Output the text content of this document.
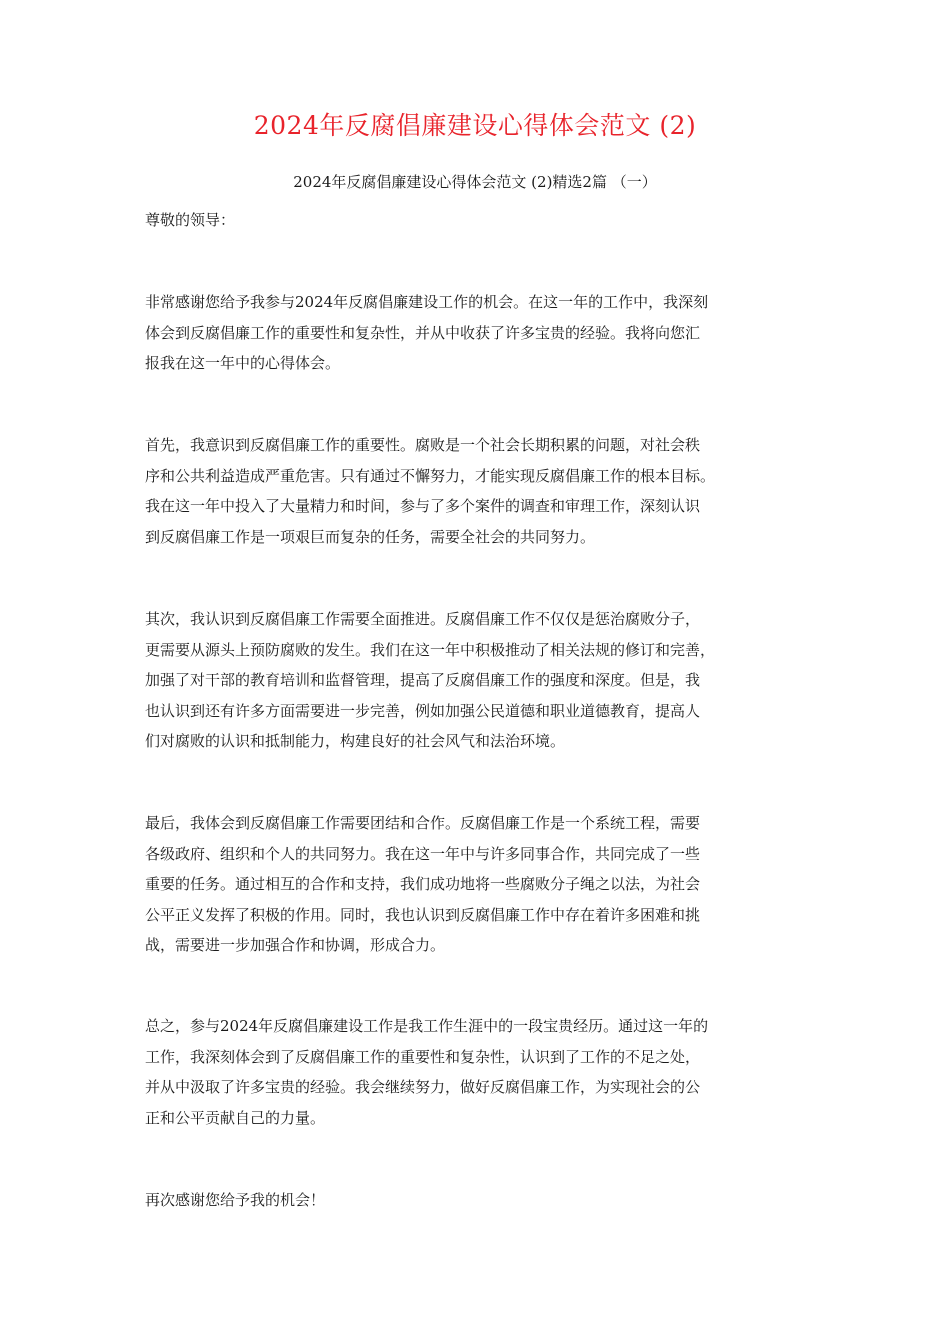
2024年反腐倡廉建设心得体会范文 (2)
2024年反腐倡廉建设心得体会范文 (2)精选2篇 （一）
尊敬的领导：
非常感谢您给予我参与2024年反腐倡廉建设工作的机会。在这一年的工作中，我深刻
体会到反腐倡廉工作的重要性和复杂性，并从中收获了许多宝贵的经验。我将向您汇
报我在这一年中的心得体会。
首先，我意识到反腐倡廉工作的重要性。腐败是一个社会长期积累的问题，对社会秩
序和公共利益造成严重危害。只有通过不懈努力，才能实现反腐倡廉工作的根本目标。
我在这一年中投入了大量精力和时间，参与了多个案件的调查和审理工作，深刻认识
到反腐倡廉工作是一项艰巨而复杂的任务，需要全社会的共同努力。
其次，我认识到反腐倡廉工作需要全面推进。反腐倡廉工作不仅仅是惩治腐败分子，
更需要从源头上预防腐败的发生。我们在这一年中积极推动了相关法规的修订和完善，
加强了对干部的教育培训和监督管理，提高了反腐倡廉工作的强度和深度。但是，我
也认识到还有许多方面需要进一步完善，例如加强公民道德和职业道德教育，提高人
们对腐败的认识和抵制能力，构建良好的社会风气和法治环境。
最后，我体会到反腐倡廉工作需要团结和合作。反腐倡廉工作是一个系统工程，需要
各级政府、组织和个人的共同努力。我在这一年中与许多同事合作，共同完成了一些
重要的任务。通过相互的合作和支持，我们成功地将一些腐败分子绳之以法，为社会
公平正义发挥了积极的作用。同时，我也认识到反腐倡廉工作中存在着许多困难和挑
战，需要进一步加强合作和协调，形成合力。
总之，参与2024年反腐倡廉建设工作是我工作生涯中的一段宝贵经历。通过这一年的
工作，我深刻体会到了反腐倡廉工作的重要性和复杂性，认识到了工作的不足之处，
并从中汲取了许多宝贵的经验。我会继续努力，做好反腐倡廉工作，为实现社会的公
正和公平贡献自己的力量。
再次感谢您给予我的机会！
